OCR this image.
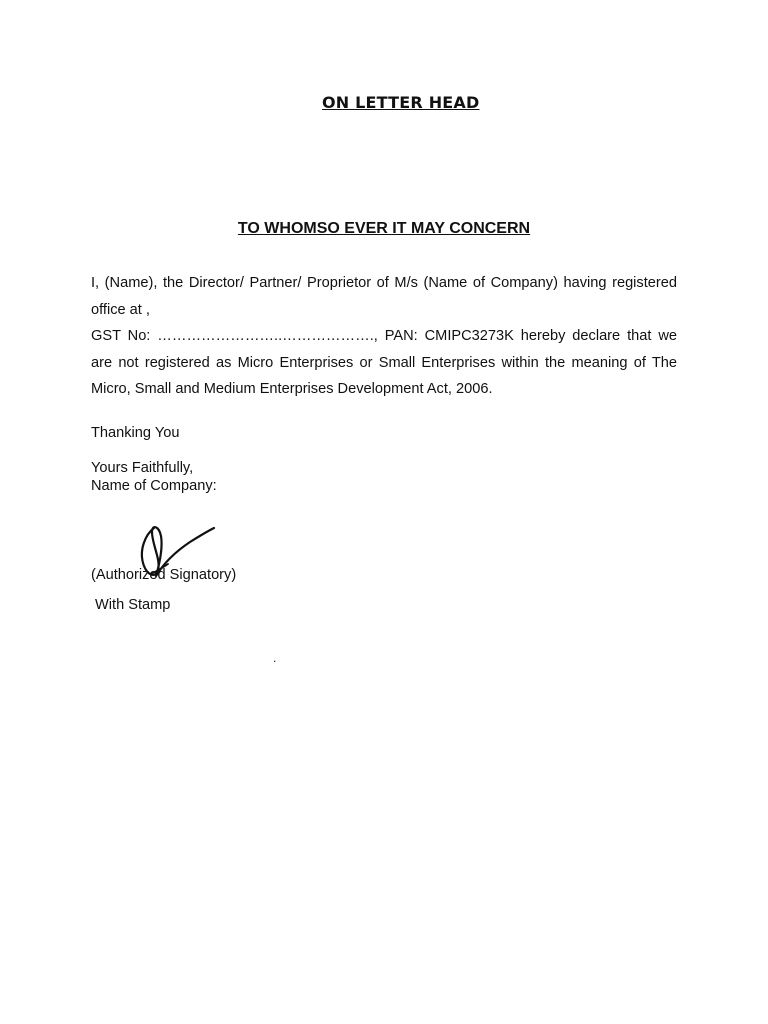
ON LETTER HEAD
TO WHOMSO EVER IT MAY CONCERN

I, (Name), the Director/ Partner/ Proprietor of M/s (Name of Company) having registered office at ,

GST No: ……………………..………………., PAN: CMIPC3273K hereby declare that we are not registered as Micro Enterprises or Small Enterprises within the meaning of The Micro, Small and Medium Enterprises Development Act, 2006.

Thanking You
Yours Faithfully,
Name of Company:
(Authorized Signatory)
With Stamp
.
